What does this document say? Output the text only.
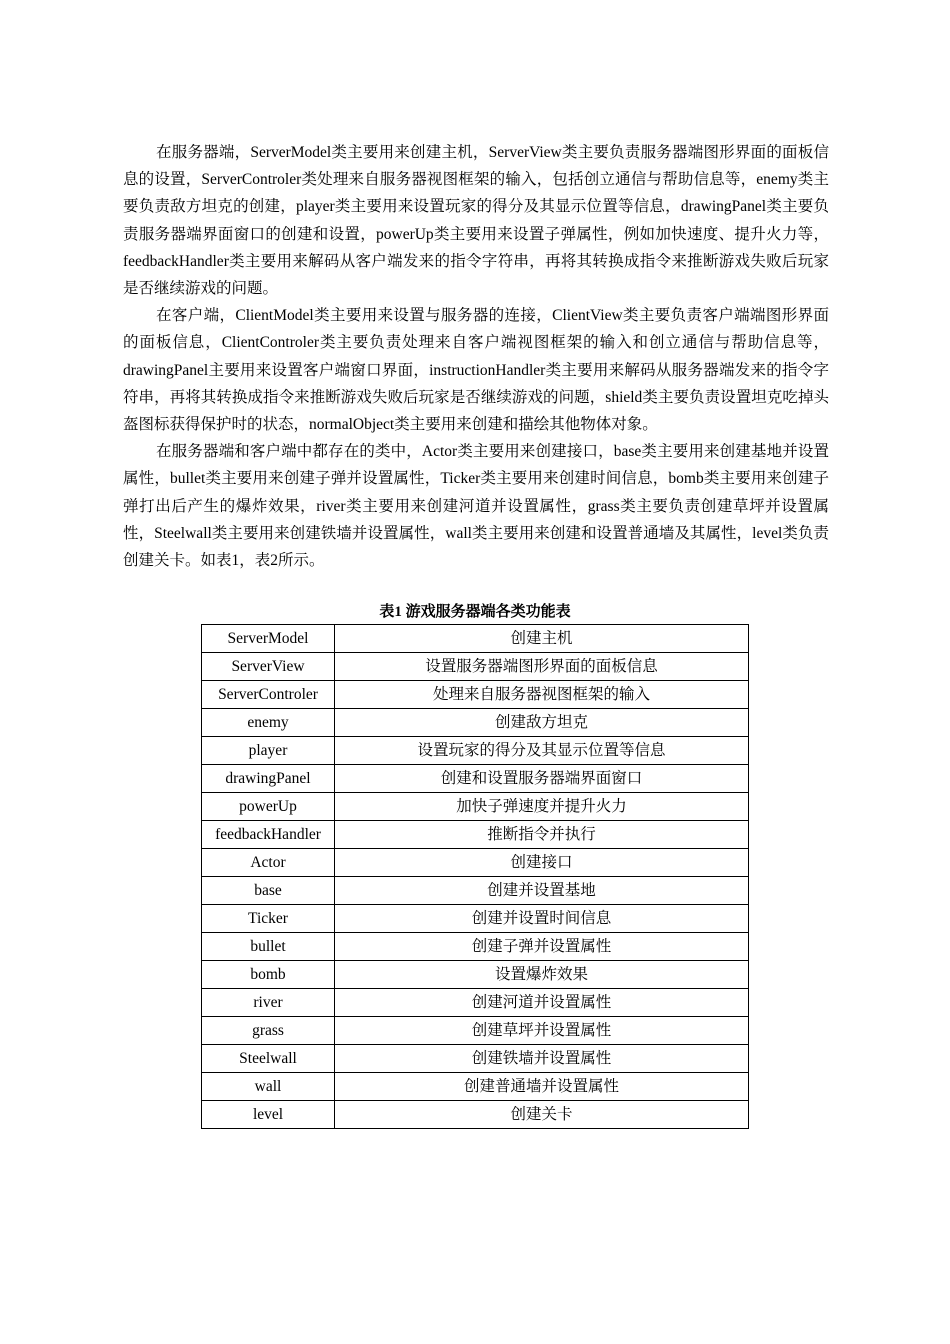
在服务器端，ServerModel类主要用来创建主机，ServerView类主要负责服务器端图形界面的面板信息的设置，ServerControler类处理来自服务器视图框架的输入，包括创立通信与帮助信息等，enemy类主要负责敌方坦克的创建，player类主要用来设置玩家的得分及其显示位置等信息，drawingPanel类主要负责服务器端界面窗口的创建和设置，powerUp类主要用来设置子弹属性，例如加快速度、提升火力等，feedbackHandler类主要用来解码从客户端发来的指令字符串，再将其转换成指令来推断游戏失败后玩家是否继续游戏的问题。

在客户端，ClientModel类主要用来设置与服务器的连接，ClientView类主要负责客户端端图形界面的面板信息，ClientControler类主要负责处理来自客户端视图框架的输入和创立通信与帮助信息等，drawingPanel主要用来设置客户端窗口界面，instructionHandler类主要用来解码从服务器端发来的指令字符串，再将其转换成指令来推断游戏失败后玩家是否继续游戏的问题，shield类主要负责设置坦克吃掉头盔图标获得保护时的状态，normalObject类主要用来创建和描绘其他物体对象。

在服务器端和客户端中都存在的类中，Actor类主要用来创建接口，base类主要用来创建基地并设置属性，bullet类主要用来创建子弹并设置属性，Ticker类主要用来创建时间信息，bomb类主要用来创建子弹打出后产生的爆炸效果，river类主要用来创建河道并设置属性，grass类主要负责创建草坪并设置属性，Steelwall类主要用来创建铁墙并设置属性，wall类主要用来创建和设置普通墙及其属性，level类负责创建关卡。如表1，表2所示。

表1 游戏服务器端各类功能表
ServerModel	创建主机
ServerView	设置服务器端图形界面的面板信息
ServerControler	处理来自服务器视图框架的输入
enemy	创建敌方坦克
player	设置玩家的得分及其显示位置等信息
drawingPanel	创建和设置服务器端界面窗口
powerUp	加快子弹速度并提升火力
feedbackHandler	推断指令并执行
Actor	创建接口
base	创建并设置基地
Ticker	创建并设置时间信息
bullet	创建子弹并设置属性
bomb	设置爆炸效果
river	创建河道并设置属性
grass	创建草坪并设置属性
Steelwall	创建铁墙并设置属性
wall	创建普通墙并设置属性
level	创建关卡
